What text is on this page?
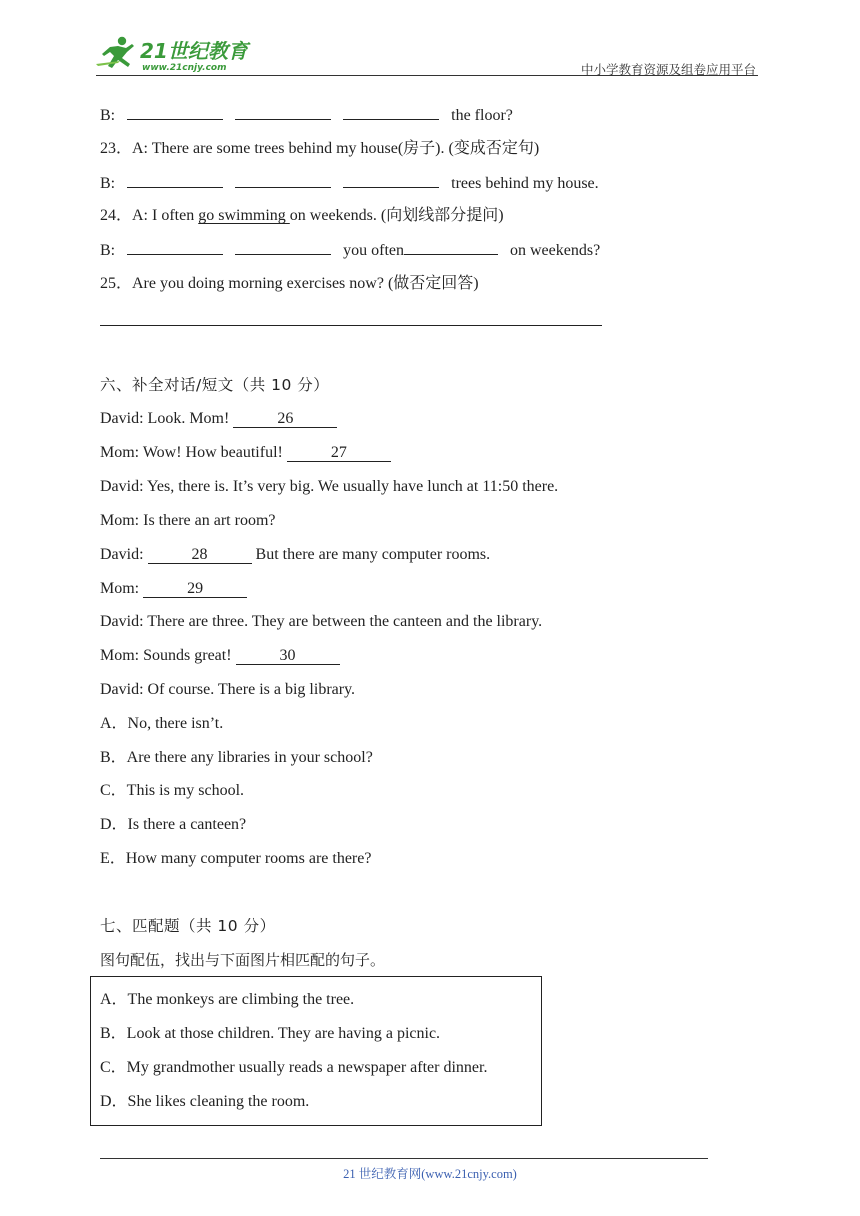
21世纪教育
www.21cnjy.com	中小学教育资源及组卷应用平台
B:	the floor?
23．A: There are some trees behind my house(房子). (变成否定句)
B:	trees behind my house.
24．A: I often go swimming on weekends. (向划线部分提问)
B:	you often	on weekends?
25．Are you doing morning exercises now? (做否定回答)
六、补全对话/短文（共 10 分）
David: Look. Mom!	26
Mom: Wow! How beautiful!	27
David: Yes, there is. It’s very big. We usually have lunch at 11:50 there.
Mom: Is there an art room?
David:	28	But there are many computer rooms.
Mom:	29
David: There are three. They are between the canteen and the library.
Mom: Sounds great!	30
David: Of course. There is a big library.
A．No, there isn’t.
B．Are there any libraries in your school?
C．This is my school.
D．Is there a canteen?
E．How many computer rooms are there?
七、匹配题（共 10 分）
图句配伍，找出与下面图片相匹配的句子。
A．The monkeys are climbing the tree.
B．Look at those children. They are having a picnic.
C．My grandmother usually reads a newspaper after dinner.
D．She likes cleaning the room.
21 世纪教育网(www.21cnjy.com)
